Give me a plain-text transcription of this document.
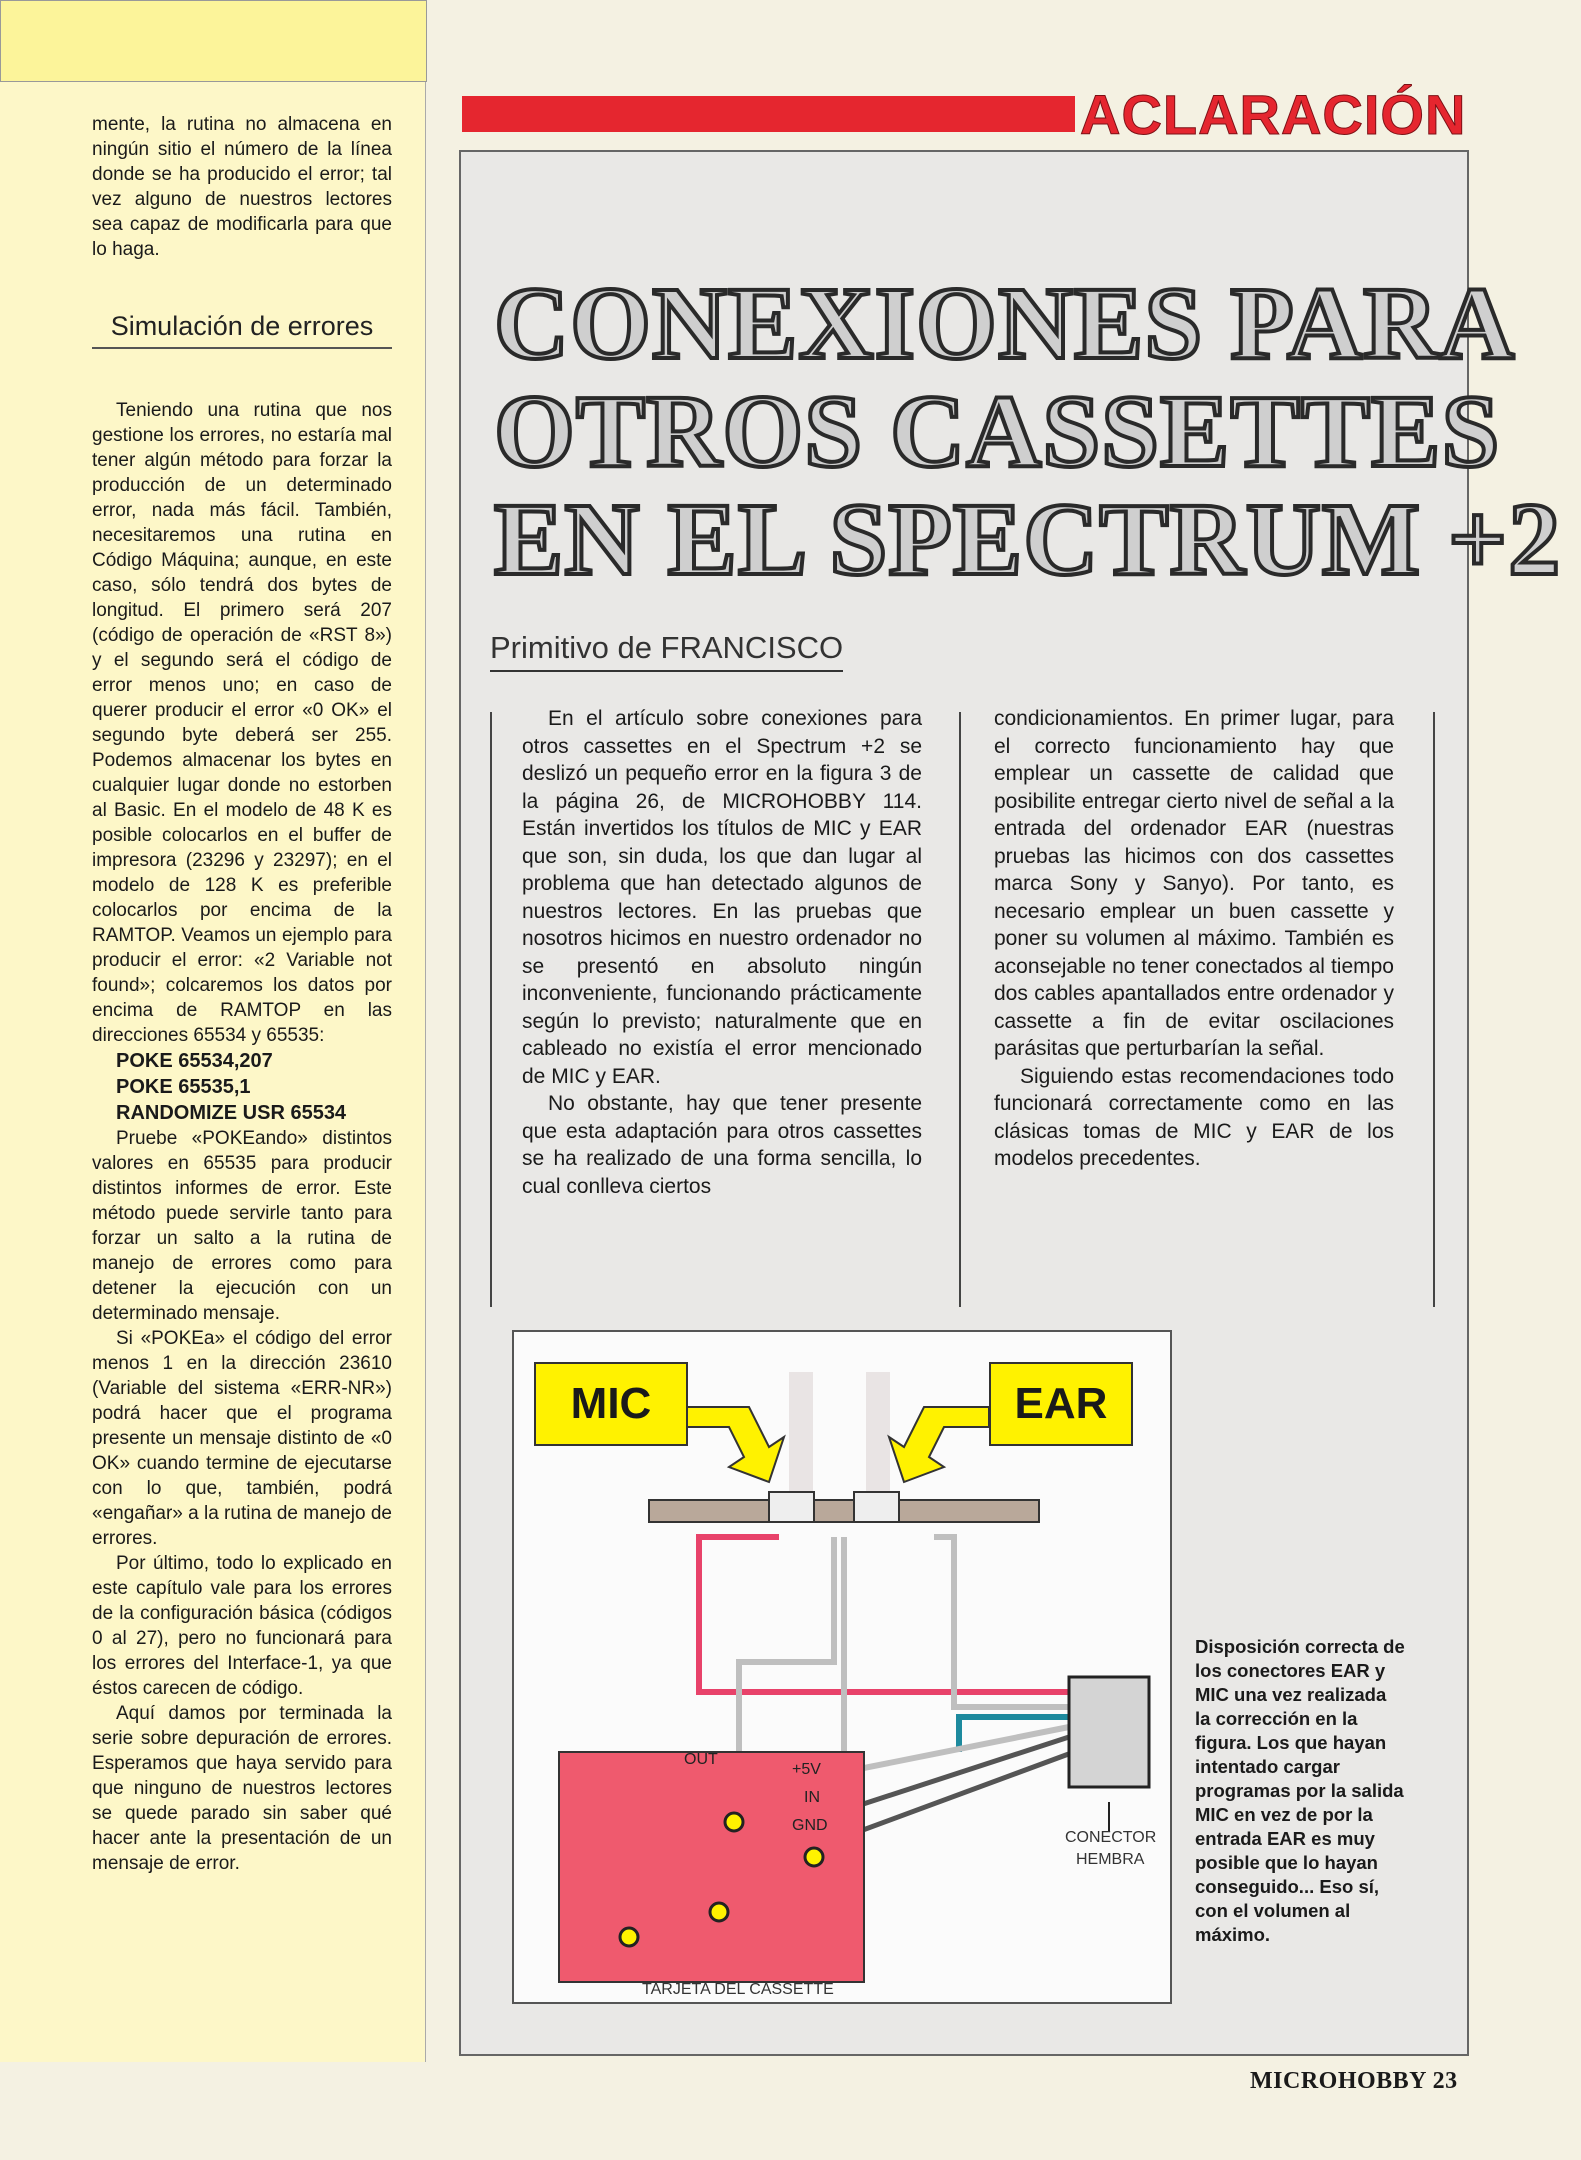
mente, la rutina no almacena en ningún sitio el número de la línea donde se ha producido el error; tal vez alguno de nuestros lectores sea capaz de modificarla para que lo haga.

Simulación de errores

Teniendo una rutina que nos gestione los errores, no estaría mal tener algún método para forzar la producción de un determinado error, nada más fácil. También, necesitaremos una rutina en Código Máquina; aunque, en este caso, sólo tendrá dos bytes de longitud. El primero será 207 (código de operación de «RST 8») y el segundo será el código de error menos uno; en caso de querer producir el error «0 OK» el segundo byte deberá ser 255. Podemos almacenar los bytes en cualquier lugar donde no estorben al Basic. En el modelo de 48 K es posible colocarlos en el buffer de impresora (23296 y 23297); en el modelo de 128 K es preferible colocarlos por encima de la RAMTOP. Veamos un ejemplo para producir el error: «2 Variable not found»; colcaremos los datos por encima de RAMTOP en las direcciones 65534 y 65535:

POKE 65534,207
POKE 65535,1
RANDOMIZE USR 65534

Pruebe «POKEando» distintos valores en 65535 para producir distintos informes de error. Este método puede servirle tanto para forzar un salto a la rutina de manejo de errores como para detener la ejecución con un determinado mensaje.

Si «POKEa» el código del error menos 1 en la dirección 23610 (Variable del sistema «ERR-NR») podrá hacer que el programa presente un mensaje distinto de «0 OK» cuando termine de ejecutarse con lo que, también, podrá «engañar» a la rutina de manejo de errores.

Por último, todo lo explicado en este capítulo vale para los errores de la configuración básica (códigos 0 al 27), pero no funcionará para los errores del Interface-1, ya que éstos carecen de código.

Aquí damos por terminada la serie sobre depuración de errores. Esperamos que haya servido para que ninguno de nuestros lectores se quede parado sin saber qué hacer ante la presentación de un mensaje de error.

ACLARACIÓN
CONEXIONES PARA
OTROS CASSETTES
EN EL SPECTRUM +2
Primitivo de FRANCISCO

En el artículo sobre conexiones para otros cassettes en el Spectrum +2 se deslizó un pequeño error en la figura 3 de la página 26, de MICROHOBBY 114. Están invertidos los títulos de MIC y EAR que son, sin duda, los que dan lugar al problema que han detectado algunos de nuestros lectores. En las pruebas que nosotros hicimos en nuestro ordenador no se presentó en absoluto ningún inconveniente, funcionando prácticamente según lo previsto; naturalmente que en cableado no existía el error mencionado de MIC y EAR.

No obstante, hay que tener presente que esta adaptación para otros cassettes se ha realizado de una forma sencilla, lo cual conlleva ciertos

condicionamientos. En primer lugar, para el correcto funcionamiento hay que emplear un cassette de calidad que posibilite entregar cierto nivel de señal a la entrada del ordenador EAR (nuestras pruebas las hicimos con dos cassettes marca Sony y Sanyo). Por tanto, es necesario emplear un buen cassette y poner su volumen al máximo. También es aconsejable no tener conectados al tiempo dos cables apantallados entre ordenador y cassette a fin de evitar oscilaciones parásitas que perturbarían la señal.

Siguiendo estas recomendaciones todo funcionará correctamente como en las clásicas tomas de MIC y EAR de los modelos precedentes.

OUT
+5V
IN
GND
CONECTOR
HEMBRA
TARJETA DEL CASSETTE
MIC	EAR
Disposición correcta de los conectores EAR y MIC una vez realizada la corrección en la figura. Los que hayan intentado cargar programas por la salida MIC en vez de por la entrada EAR es muy posible que lo hayan conseguido... Eso sí, con el volumen al máximo.
MICROHOBBY 23
